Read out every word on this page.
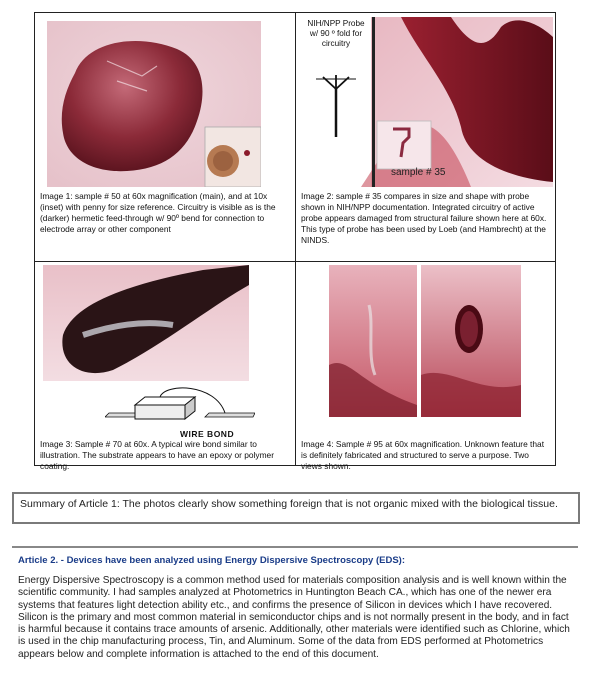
Image 1: sample # 50 at 60x magnification (main), and at 10x (inset) with penny for size reference. Circuitry is visible as is the (darker) hermetic feed-through w/ 90º bend for connection to electrode array or other component
NIH/NPP Probe w/ 90 º fold for circuitry
sample # 35
Image 2: sample # 35 compares in size and shape with probe shown in NIH/NPP documentation. Integrated circuitry of active probe appears damaged from structural failure shown here at 60x. This type of probe has been used by Loeb (and Hambrecht) at the NINDS.
WIRE BOND
Image 3: Sample # 70 at 60x. A typical wire bond similar to illustration. The substrate appears to have an epoxy or polymer coating.
Image 4: Sample # 95 at 60x magnification. Unknown feature that is definitely fabricated and structured to serve a purpose. Two views shown.
Summary of Article 1: The photos clearly show something foreign that is not organic mixed with the biological tissue.
Article 2. - Devices have been analyzed using Energy Dispersive Spectroscopy (EDS):
Energy Dispersive Spectroscopy is a common method used for materials composition analysis and is well known within the scientific community. I had samples analyzed at Photometrics in Huntington Beach CA., which has one of the newer era systems that features light detection ability etc., and confirms the presence of Silicon in devices which I have recovered. Silicon is the primary and most common material in semiconductor chips and is not normally present in the body, and in fact is harmful because it contains trace amounts of arsenic. Additionally, other materials were identified such as Chlorine, which is used in the chip manufacturing process, Tin, and Aluminum. Some of the data from EDS performed at Photometrics appears below and complete information is attached to the end of this document.
